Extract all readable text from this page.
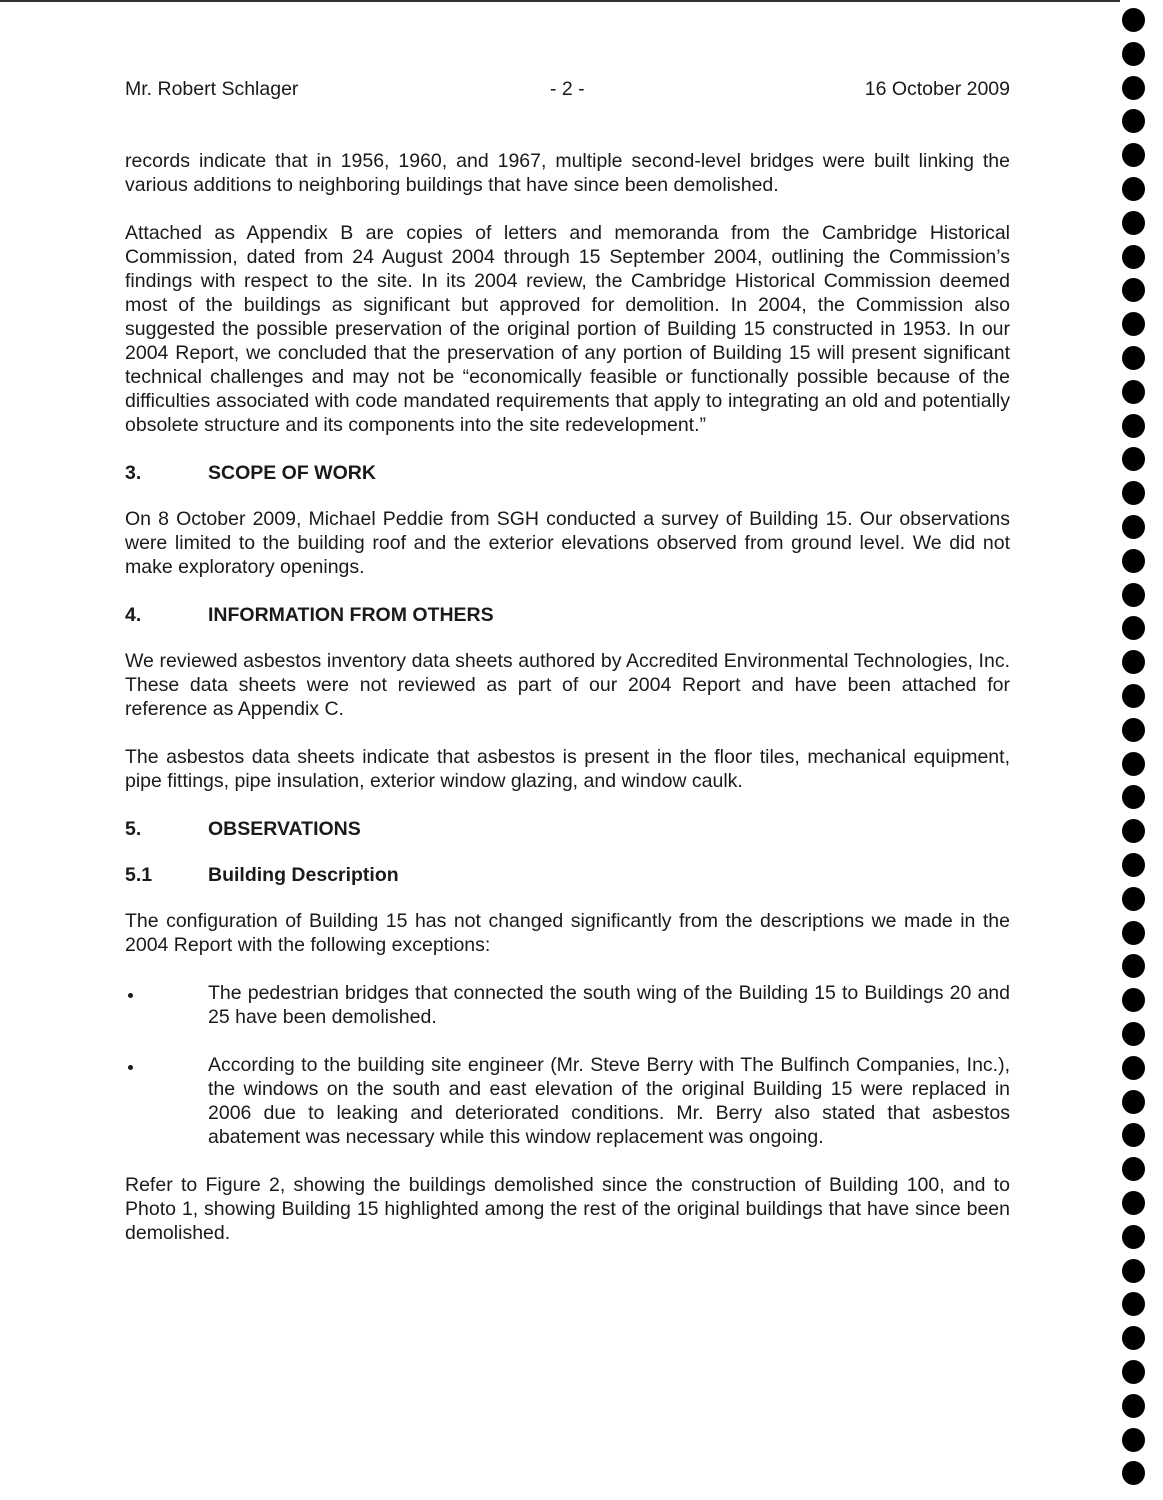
Mr. Robert Schlager	- 2 -	16 October 2009

records indicate that in 1956, 1960, and 1967, multiple second-level bridges were built linking the various additions to neighboring buildings that have since been demolished.

Attached as Appendix B are copies of letters and memoranda from the Cambridge Historical Commission, dated from 24 August 2004 through 15 September 2004, outlining the Commission’s findings with respect to the site. In its 2004 review, the Cambridge Historical Commission deemed most of the buildings as significant but approved for demolition. In 2004, the Commission also suggested the possible preservation of the original portion of Building 15 constructed in 1953. In our 2004 Report, we concluded that the preservation of any portion of Building 15 will present significant technical challenges and may not be “economically feasible or functionally possible because of the difficulties associated with code mandated requirements that apply to integrating an old and potentially obsolete structure and its components into the site redevelopment.”

3.	SCOPE OF WORK

On 8 October 2009, Michael Peddie from SGH conducted a survey of Building 15. Our observations were limited to the building roof and the exterior elevations observed from ground level. We did not make exploratory openings.

4.	INFORMATION FROM OTHERS

We reviewed asbestos inventory data sheets authored by Accredited Environmental Technologies, Inc. These data sheets were not reviewed as part of our 2004 Report and have been attached for reference as Appendix C.

The asbestos data sheets indicate that asbestos is present in the floor tiles, mechanical equipment, pipe fittings, pipe insulation, exterior window glazing, and window caulk.

5.	OBSERVATIONS
5.1	Building Description

The configuration of Building 15 has not changed significantly from the descriptions we made in the 2004 Report with the following exceptions:

The pedestrian bridges that connected the south wing of the Building 15 to Buildings 20 and 25 have been demolished.
According to the building site engineer (Mr. Steve Berry with The Bulfinch Companies, Inc.), the windows on the south and east elevation of the original Building 15 were replaced in 2006 due to leaking and deteriorated conditions. Mr. Berry also stated that asbestos abatement was necessary while this window replacement was ongoing.

Refer to Figure 2, showing the buildings demolished since the construction of Building 100, and to Photo 1, showing Building 15 highlighted among the rest of the original buildings that have since been demolished.
